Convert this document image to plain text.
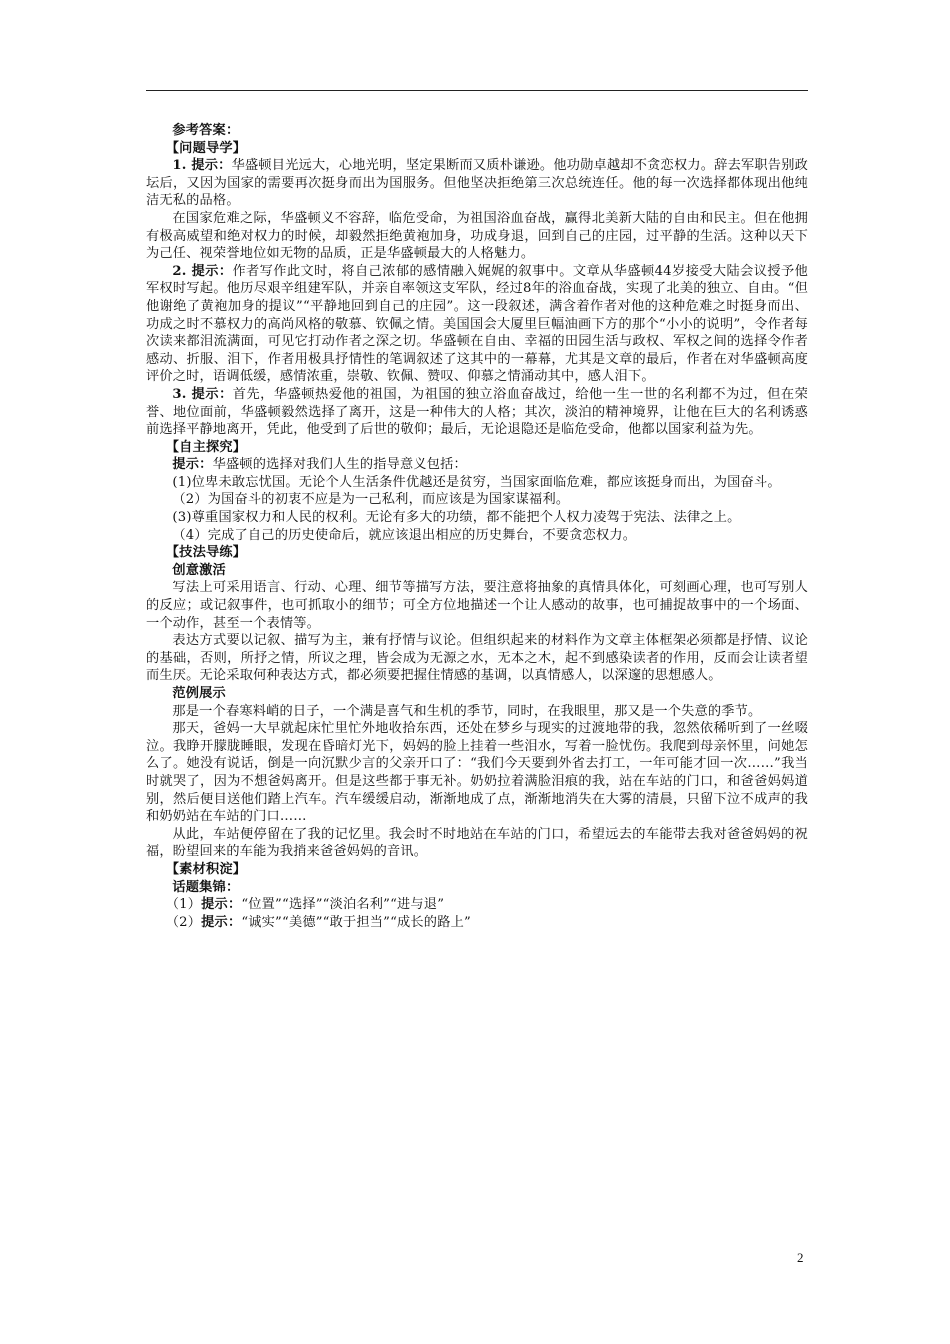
参考答案：

【问题导学】

1. 提示：华盛顿目光远大，心地光明，坚定果断而又质朴谦逊。他功勋卓越却不贪恋权力。辞去军职告别政坛后，又因为国家的需要再次挺身而出为国服务。但他坚决拒绝第三次总统连任。他的每一次选择都体现出他纯洁无私的品格。

在国家危难之际，华盛顿义不容辞，临危受命，为祖国浴血奋战，赢得北美新大陆的自由和民主。但在他拥有极高威望和绝对权力的时候，却毅然拒绝黄袍加身，功成身退，回到自己的庄园，过平静的生活。这种以天下为己任、视荣誉地位如无物的品质，正是华盛顿最大的人格魅力。

2. 提示：作者写作此文时，将自己浓郁的感情融入娓娓的叙事中。文章从华盛顿44岁接受大陆会议授予他军权时写起。他历尽艰辛组建军队，并亲自率领这支军队，经过8年的浴血奋战，实现了北美的独立、自由。“但他谢绝了黄袍加身的提议”“平静地回到自己的庄园”。这一段叙述，满含着作者对他的这种危难之时挺身而出、功成之时不慕权力的高尚风格的敬慕、钦佩之情。美国国会大厦里巨幅油画下方的那个“小小的说明”，令作者每次读来都泪流满面，可见它打动作者之深之切。华盛顿在自由、幸福的田园生活与政权、军权之间的选择令作者感动、折服、泪下，作者用极具抒情性的笔调叙述了这其中的一幕幕，尤其是文章的最后，作者在对华盛顿高度评价之时，语调低缓，感情浓重，崇敬、钦佩、赞叹、仰慕之情涌动其中，感人泪下。

3. 提示：首先，华盛顿热爱他的祖国，为祖国的独立浴血奋战过，给他一生一世的名利都不为过，但在荣誉、地位面前，华盛顿毅然选择了离开，这是一种伟大的人格；其次，淡泊的精神境界，让他在巨大的名利诱惑前选择平静地离开，凭此，他受到了后世的敬仰；最后，无论退隐还是临危受命，他都以国家利益为先。

【自主探究】

提示：华盛顿的选择对我们人生的指导意义包括：

(1)位卑未敢忘忧国。无论个人生活条件优越还是贫穷，当国家面临危难，都应该挺身而出，为国奋斗。

（2）为国奋斗的初衷不应是为一己私利，而应该是为国家谋福利。

(3)尊重国家权力和人民的权利。无论有多大的功绩，都不能把个人权力凌驾于宪法、法律之上。

（4）完成了自己的历史使命后，就应该退出相应的历史舞台，不要贪恋权力。

【技法导练】

创意激活

写法上可采用语言、行动、心理、细节等描写方法，要注意将抽象的真情具体化，可刻画心理，也可写别人的反应；或记叙事件，也可抓取小的细节；可全方位地描述一个让人感动的故事，也可捕捉故事中的一个场面、一个动作，甚至一个表情等。

表达方式要以记叙、描写为主，兼有抒情与议论。但组织起来的材料作为文章主体框架必须都是抒情、议论的基础，否则，所抒之情，所议之理，皆会成为无源之水，无本之木，起不到感染读者的作用，反而会让读者望而生厌。无论采取何种表达方式，都必须要把握住情感的基调，以真情感人，以深邃的思想感人。

范例展示

那是一个春寒料峭的日子，一个满是喜气和生机的季节，同时，在我眼里，那又是一个失意的季节。

那天，爸妈一大早就起床忙里忙外地收拾东西，还处在梦乡与现实的过渡地带的我，忽然依稀听到了一丝啜泣。我睁开朦胧睡眼，发现在昏暗灯光下，妈妈的脸上挂着一些泪水，写着一脸忧伤。我爬到母亲怀里，问她怎么了。她没有说话，倒是一向沉默少言的父亲开口了：“我们今天要到外省去打工，一年可能才回一次……”我当时就哭了，因为不想爸妈离开。但是这些都于事无补。奶奶拉着满脸泪痕的我，站在车站的门口，和爸爸妈妈道别，然后便目送他们踏上汽车。汽车缓缓启动，渐渐地成了点，渐渐地消失在大雾的清晨，只留下泣不成声的我和奶奶站在车站的门口……

从此，车站便停留在了我的记忆里。我会时不时地站在车站的门口，希望远去的车能带去我对爸爸妈妈的祝福，盼望回来的车能为我捎来爸爸妈妈的音讯。

【素材积淀】

话题集锦：

（1）提示：“位置”“选择”“淡泊名利”“进与退”

（2）提示：“诚实”“美德”“敢于担当”“成长的路上”

2
